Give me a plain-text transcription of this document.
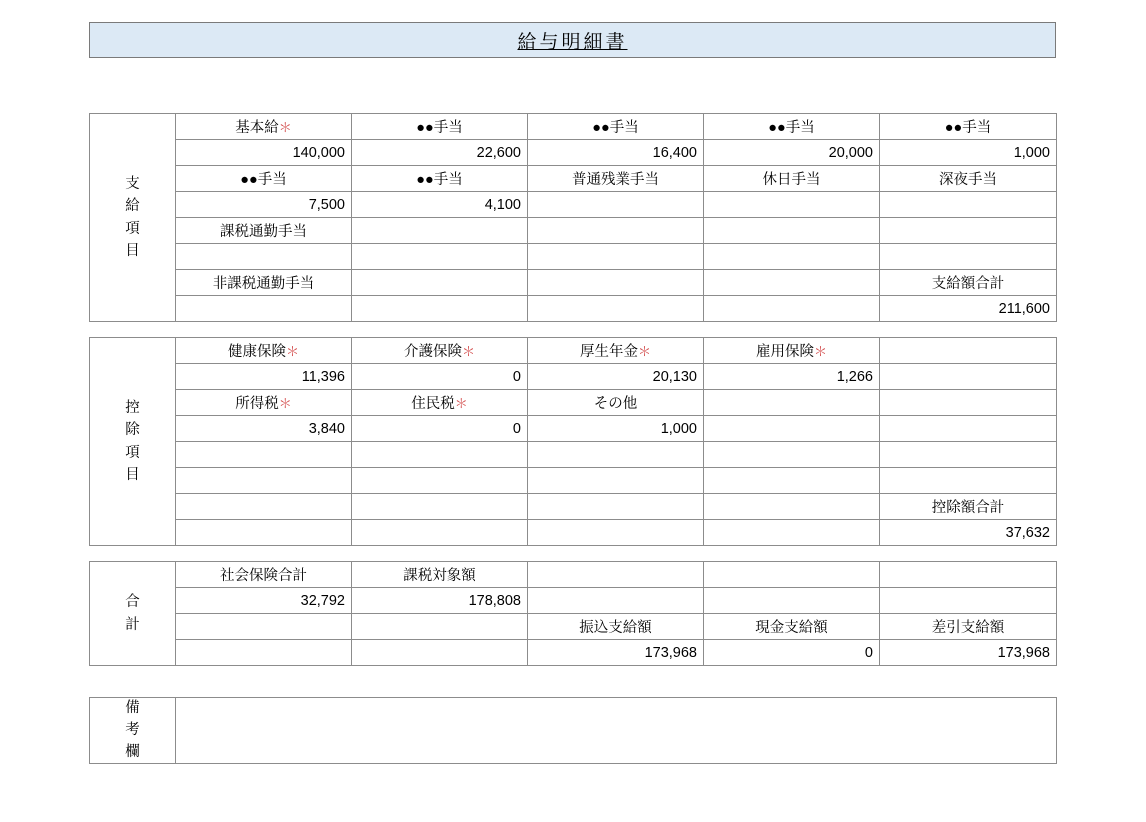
給与明細書
支
給
項
目	基本給＊	●●手当	●●手当	●●手当	●●手当
	140,000	22,600	16,400	20,000	1,000
	●●手当	●●手当	普通残業手当	休日手当	深夜手当
	7,500	4,100			
	課税通勤手当				

	非課税通勤手当				支給額合計
					211,600
控
除
項
目	健康保険＊	介護保険＊	厚生年金＊	雇用保険＊	
	11,396	0	20,130	1,266	
	所得税＊	住民税＊	その他		
	3,840	0	1,000		

					控除額合計
					37,632
合
計	社会保険合計	課税対象額			
	32,792	178,808			
			振込支給額	現金支給額	差引支給額
			173,968	0	173,968
備
考
欄
